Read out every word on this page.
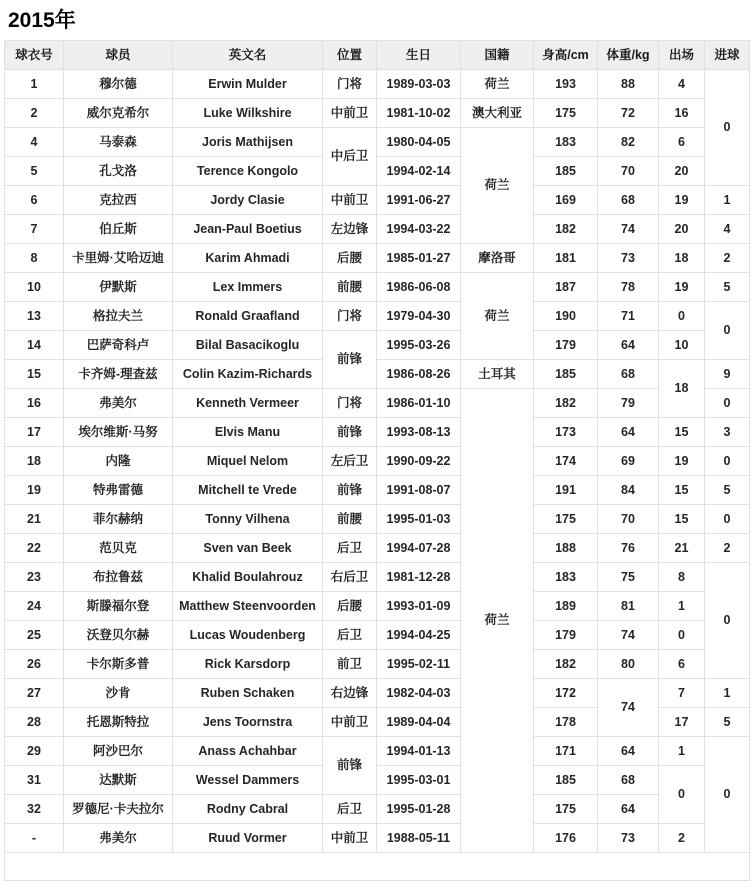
2015年
球衣号	球员	英文名	位置	生日	国籍	身高/cm	体重/kg	出场	进球
1	穆尔德	Erwin Mulder	门将	1989-03-03	荷兰	193	88	4	0
2	威尔克希尔	Luke Wilkshire	中前卫	1981-10-02	澳大利亚	175	72	16	
4	马泰森	Joris Mathijsen	中后卫	1980-04-05	荷兰	183	82	6	
5	孔戈洛	Terence Kongolo		1994-02-14		185	70	20	
6	克拉西	Jordy Clasie	中前卫	1991-06-27		169	68	19	1
7	伯丘斯	Jean-Paul Boetius	左边锋	1994-03-22		182	74	20	4
8	卡里姆·艾哈迈迪	Karim Ahmadi	后腰	1985-01-27	摩洛哥	181	73	18	2
10	伊默斯	Lex Immers	前腰	1986-06-08	荷兰	187	78	19	5
13	格拉夫兰	Ronald Graafland	门将	1979-04-30		190	71	0	0
14	巴萨奇科卢	Bilal Basacikoglu	前锋	1995-03-26		179	64	10	
15	卡齐姆-理查兹	Colin Kazim-Richards		1986-08-26	土耳其	185	68	18	9
16	弗美尔	Kenneth Vermeer	门将	1986-01-10	荷兰	182	79		0
17	埃尔维斯·马努	Elvis Manu	前锋	1993-08-13		173	64	15	3
18	内隆	Miquel Nelom	左后卫	1990-09-22		174	69	19	0
19	特弗雷德	Mitchell te Vrede	前锋	1991-08-07		191	84	15	5
21	菲尔赫纳	Tonny Vilhena	前腰	1995-01-03		175	70	15	0
22	范贝克	Sven van Beek	后卫	1994-07-28		188	76	21	2
23	布拉鲁兹	Khalid Boulahrouz	右后卫	1981-12-28		183	75	8	0
24	斯滕福尔登	Matthew Steenvoorden	后腰	1993-01-09		189	81	1	
25	沃登贝尔赫	Lucas Woudenberg	后卫	1994-04-25		179	74	0	
26	卡尔斯多普	Rick Karsdorp	前卫	1995-02-11		182	80	6	
27	沙肯	Ruben Schaken	右边锋	1982-04-03		172	74	7	1
28	托恩斯特拉	Jens Toornstra	中前卫	1989-04-04		178		17	5
29	阿沙巴尔	Anass Achahbar	前锋	1994-01-13		171	64	1	0
31	达默斯	Wessel Dammers		1995-03-01		185	68	0	
32	罗德尼·卡夫拉尔	Rodny Cabral	后卫	1995-01-28		175	64		
-	弗美尔	Ruud Vormer	中前卫	1988-05-11		176	73	2	
